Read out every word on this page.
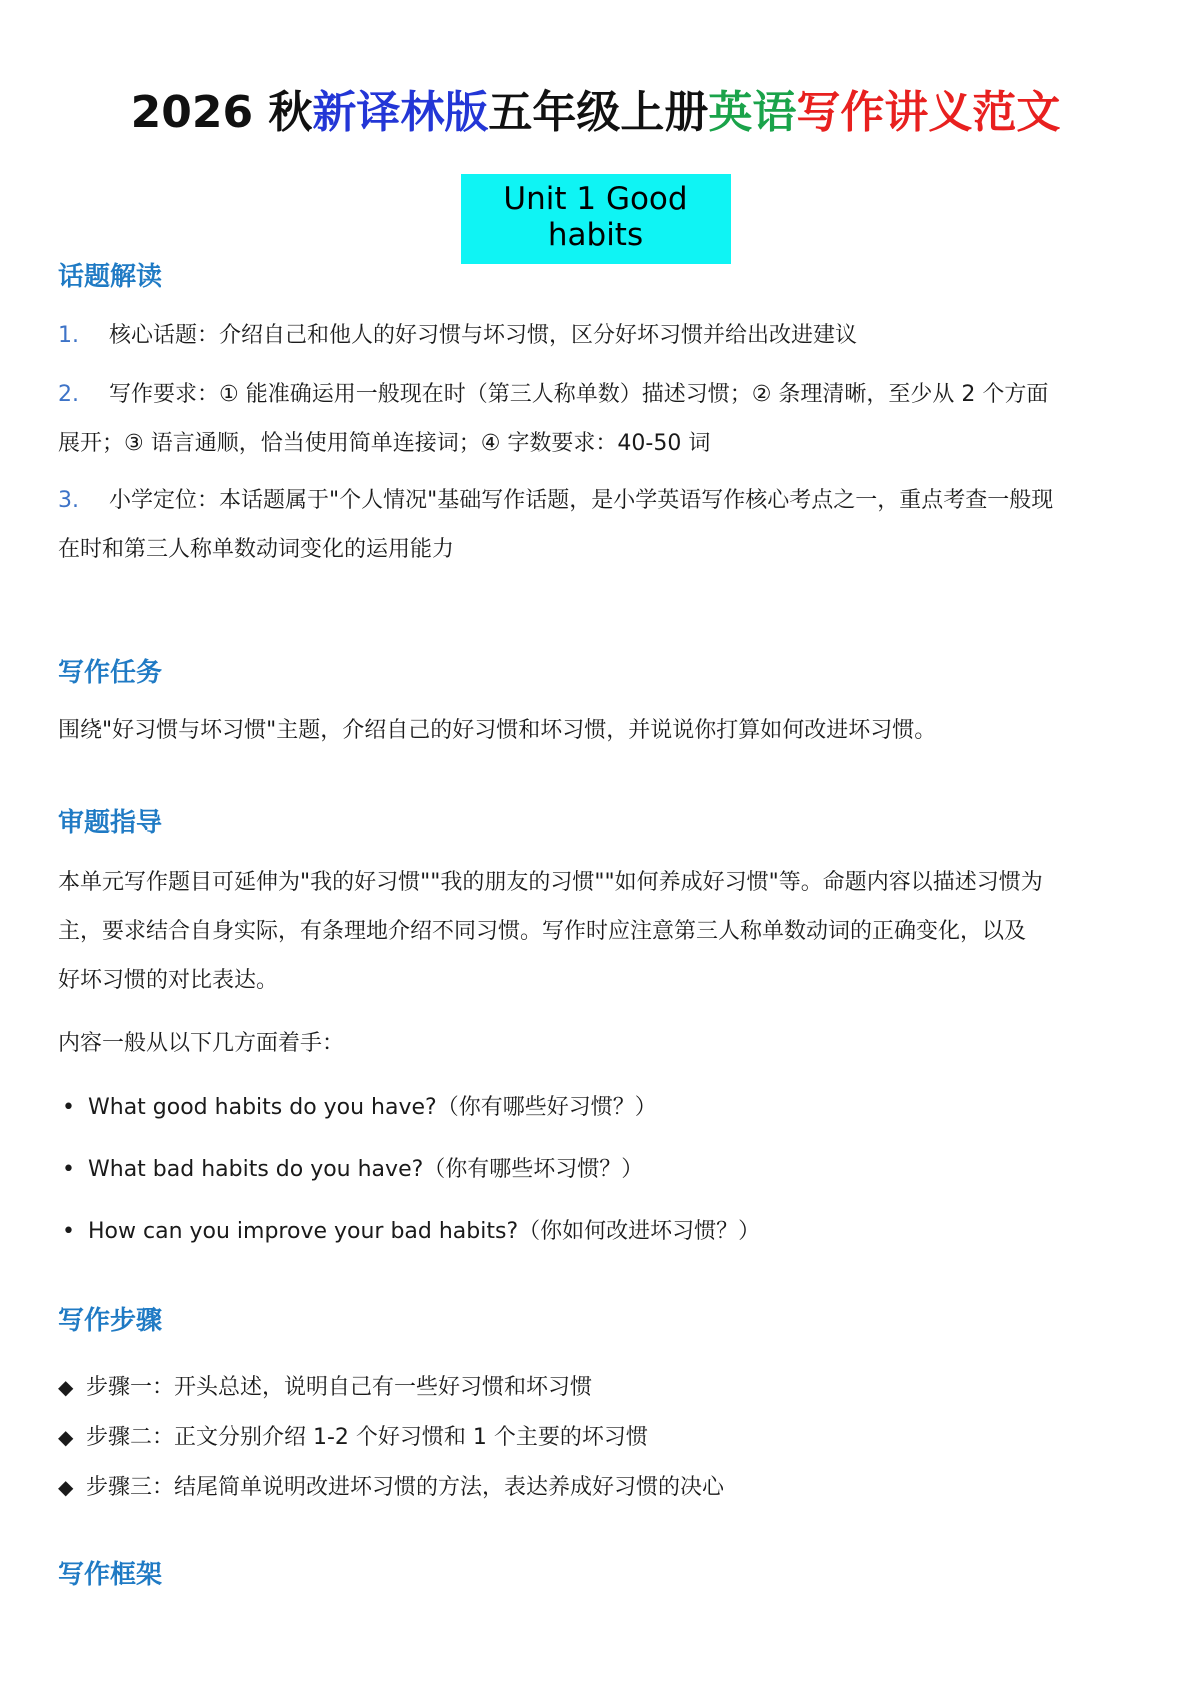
2026 秋新译林版五年级上册英语写作讲义范文
Unit 1 Good habits
话题解读
1. 核心话题：介绍自己和他人的好习惯与坏习惯，区分好坏习惯并给出改进建议
2. 写作要求：① 能准确运用一般现在时（第三人称单数）描述习惯；② 条理清晰，至少从 2 个方面
展开；③ 语言通顺，恰当使用简单连接词；④ 字数要求：40-50 词
3. 小学定位：本话题属于"个人情况"基础写作话题，是小学英语写作核心考点之一，重点考查一般现
在时和第三人称单数动词变化的运用能力
写作任务
围绕"好习惯与坏习惯"主题，介绍自己的好习惯和坏习惯，并说说你打算如何改进坏习惯。
审题指导
本单元写作题目可延伸为"我的好习惯""我的朋友的习惯""如何养成好习惯"等。命题内容以描述习惯为
主，要求结合自身实际，有条理地介绍不同习惯。写作时应注意第三人称单数动词的正确变化，以及
好坏习惯的对比表达。
内容一般从以下几方面着手：
• What good habits do you have?（你有哪些好习惯？）
• What bad habits do you have?（你有哪些坏习惯？）
• How can you improve your bad habits?（你如何改进坏习惯？）
写作步骤
◆ 步骤一：开头总述，说明自己有一些好习惯和坏习惯
◆ 步骤二：正文分别介绍 1-2 个好习惯和 1 个主要的坏习惯
◆ 步骤三：结尾简单说明改进坏习惯的方法，表达养成好习惯的决心
写作框架
